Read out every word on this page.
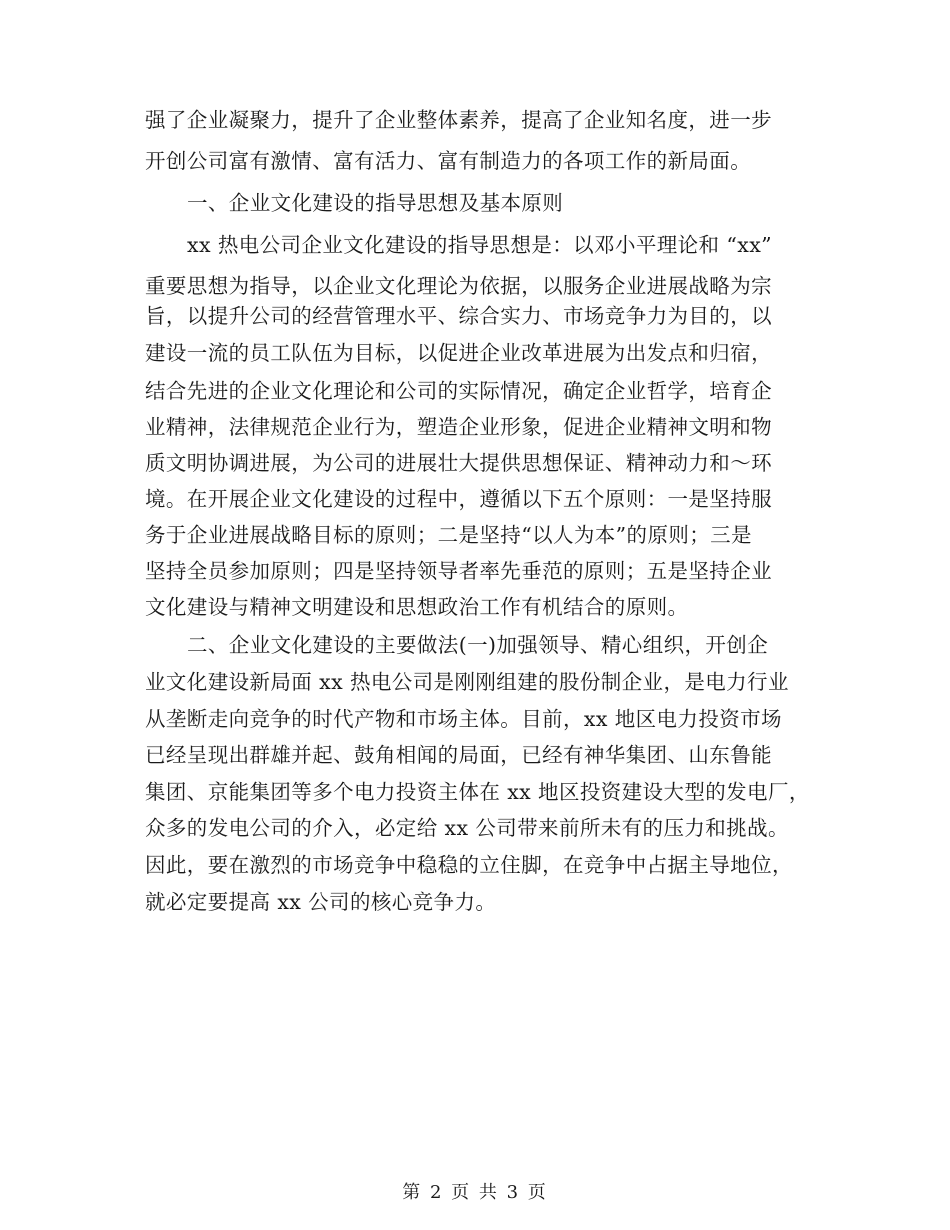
强了企业凝聚力，提升了企业整体素养，提高了企业知名度，进一步
开创公司富有激情、富有活力、富有制造力的各项工作的新局面。
一、企业文化建设的指导思想及基本原则
xx 热电公司企业文化建设的指导思想是：以邓小平理论和 “xx”
重要思想为指导，以企业文化理论为依据，以服务企业进展战略为宗
旨，以提升公司的经营管理水平、综合实力、市场竞争力为目的，以
建设一流的员工队伍为目标，以促进企业改革进展为出发点和归宿，
结合先进的企业文化理论和公司的实际情况，确定企业哲学，培育企
业精神，法律规范企业行为，塑造企业形象，促进企业精神文明和物
质文明协调进展，为公司的进展壮大提供思想保证、精神动力和～环
境。在开展企业文化建设的过程中，遵循以下五个原则：一是坚持服
务于企业进展战略目标的原则；二是坚持“以人为本”的原则；三是
坚持全员参加原则；四是坚持领导者率先垂范的原则；五是坚持企业
文化建设与精神文明建设和思想政治工作有机结合的原则。
二、企业文化建设的主要做法(一)加强领导、精心组织，开创企
业文化建设新局面 xx 热电公司是刚刚组建的股份制企业，是电力行业
从垄断走向竞争的时代产物和市场主体。目前，xx 地区电力投资市场
已经呈现出群雄并起、鼓角相闻的局面，已经有神华集团、山东鲁能
集团、京能集团等多个电力投资主体在 xx 地区投资建设大型的发电厂，
众多的发电公司的介入，必定给 xx 公司带来前所未有的压力和挑战。
因此，要在激烈的市场竞争中稳稳的立住脚，在竞争中占据主导地位，
就必定要提高 xx 公司的核心竞争力。
第 2 页 共 3 页
